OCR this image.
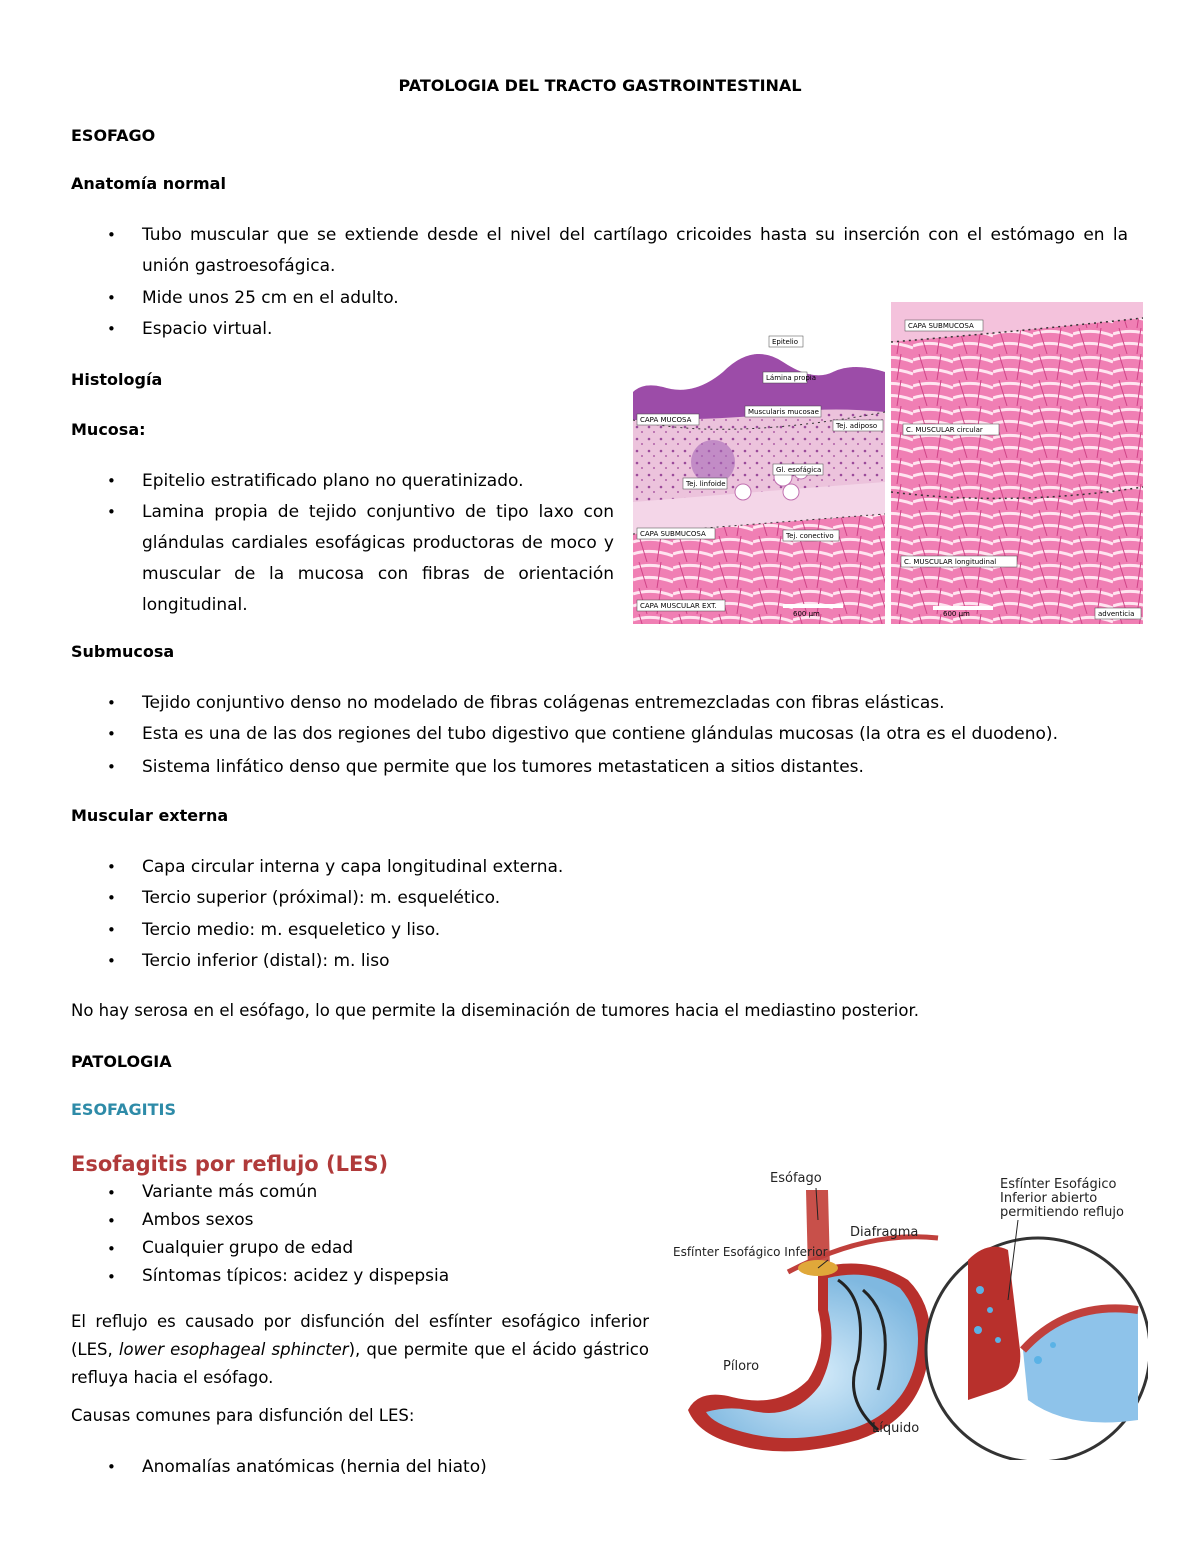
PATOLOGIA DEL TRACTO GASTROINTESTINAL
ESOFAGO
Anatomía normal
• Tubo muscular que se extiende desde el nivel del cartílago cricoides hasta su inserción con el estómago en la unión gastroesofágica.
• Mide unos 25 cm en el adulto.
• Espacio virtual.
Histología
Mucosa:
• Epitelio estratificado plano no queratinizado.
• Lamina propia de tejido conjuntivo de tipo laxo con glándulas cardiales esofágicas productoras de moco y muscular de la mucosa con fibras de orientación longitudinal.
Epitelio
Lámina propia
Muscularis mucosae
CAPA MUCOSA
Tej. linfoide
Gl. esofágica
Tej. adiposo
CAPA SUBMUCOSA	Tej. conectivo
CAPA MUSCULAR EXT.
600 µm
CAPA SUBMUCOSA
C. MUSCULAR circular
C. MUSCULAR longitudinal
600 µm	adventicia
Submucosa
• Tejido conjuntivo denso no modelado de fibras colágenas entremezcladas con fibras elásticas.
• Esta es una de las dos regiones del tubo digestivo que contiene glándulas mucosas (la otra es el duodeno).
• Sistema linfático denso que permite que los tumores metastaticen a sitios distantes.
Muscular externa
• Capa circular interna y capa longitudinal externa.
• Tercio superior (próximal): m. esquelético.
• Tercio medio: m. esqueletico y liso.
• Tercio inferior (distal): m. liso
No hay serosa en el esófago, lo que permite la diseminación de tumores hacia el mediastino posterior.
PATOLOGIA
ESOFAGITIS
Esofagitis por reflujo (LES)
• Variante más común
• Ambos sexos
• Cualquier grupo de edad
• Síntomas típicos: acidez y dispepsia
El reflujo es causado por disfunción del esfínter esofágico inferior (LES, lower esophageal sphincter), que permite que el ácido gástrico refluya hacia el esófago.
Causas comunes para disfunción del LES:
• Anomalías anatómicas (hernia del hiato)
Esófago
Diafragma
Esfínter Esofágico Inferior
Píloro
Líquido
Esfínter Esofágico
Inferior abierto
permitiendo reflujo
